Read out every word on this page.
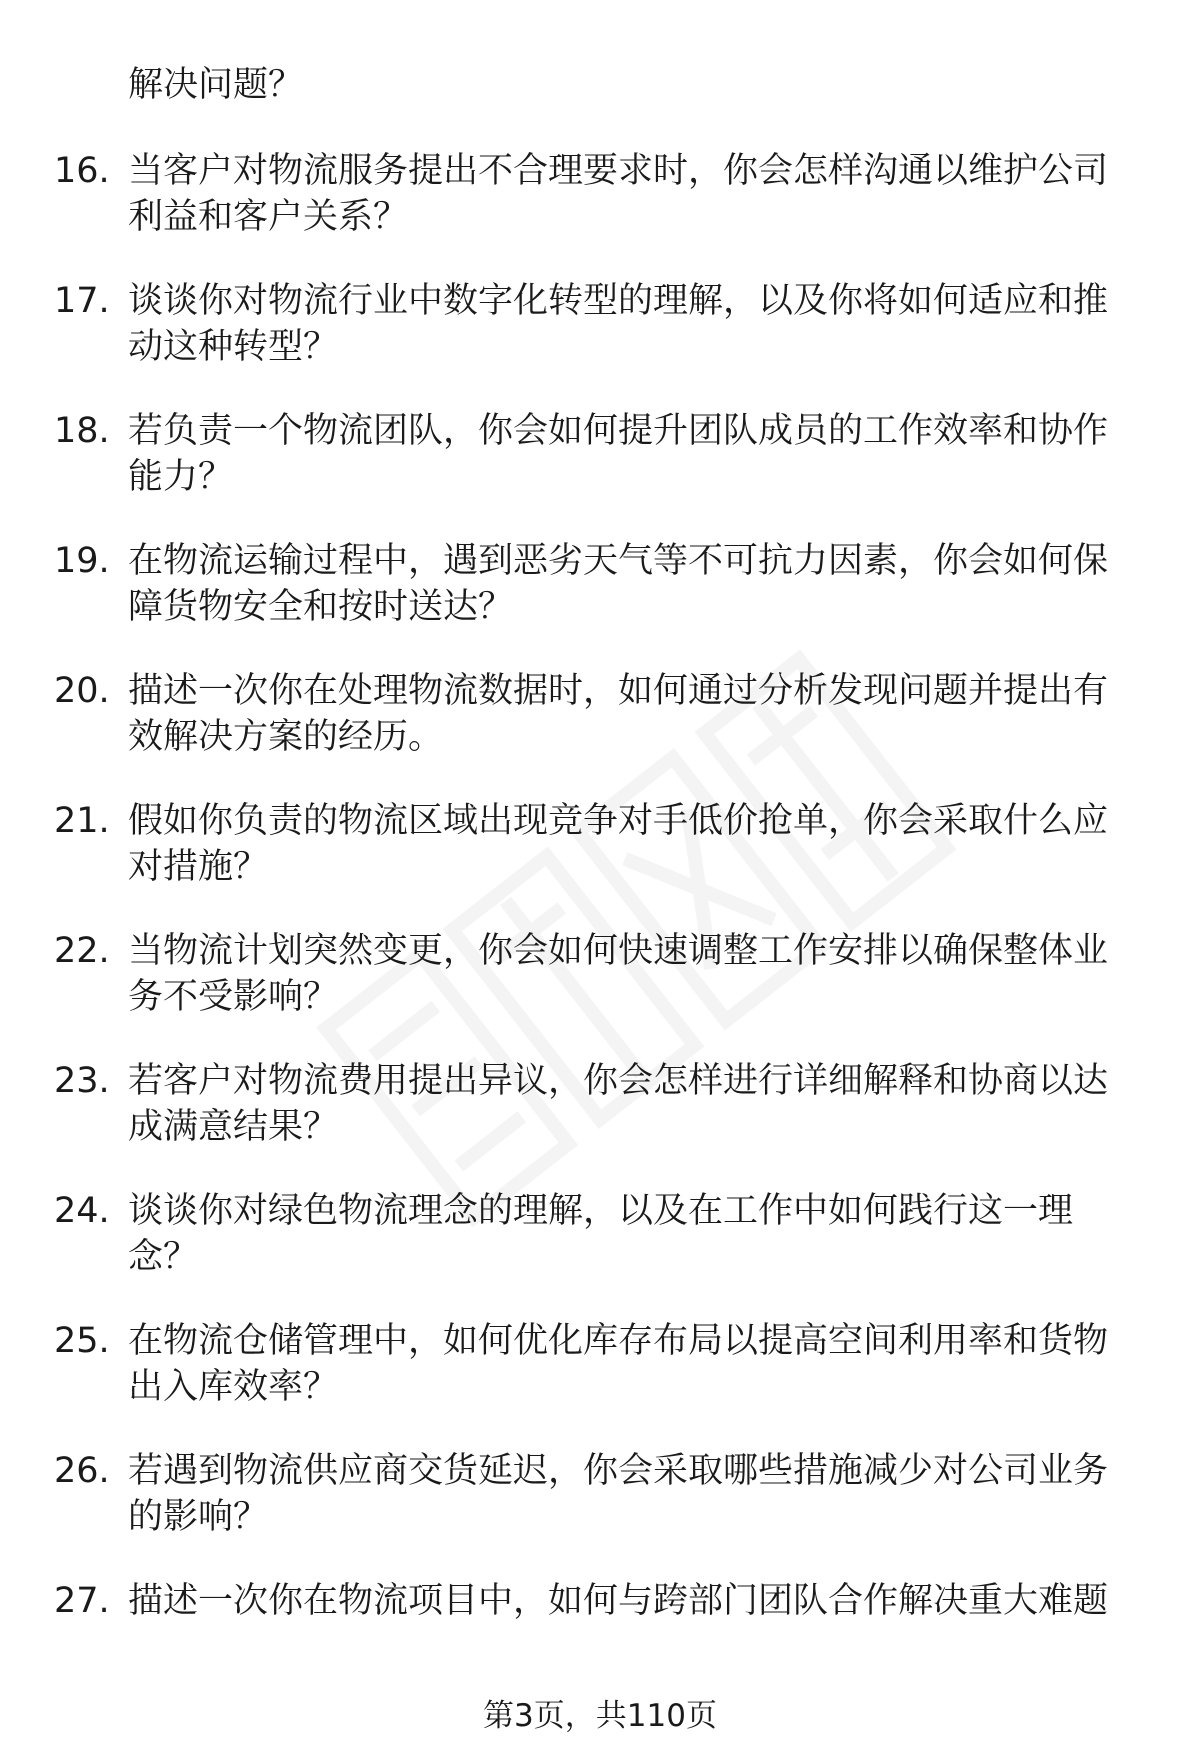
解决问题？

16. 当客户对物流服务提出不合理要求时，你会怎样沟通以维护公司利益和客户关系？
17. 谈谈你对物流行业中数字化转型的理解，以及你将如何适应和推动这种转型？
18. 若负责一个物流团队，你会如何提升团队成员的工作效率和协作能力？
19. 在物流运输过程中，遇到恶劣天气等不可抗力因素，你会如何保障货物安全和按时送达？
20. 描述一次你在处理物流数据时，如何通过分析发现问题并提出有效解决方案的经历。
21. 假如你负责的物流区域出现竞争对手低价抢单，你会采取什么应对措施？
22. 当物流计划突然变更，你会如何快速调整工作安排以确保整体业务不受影响？
23. 若客户对物流费用提出异议，你会怎样进行详细解释和协商以达成满意结果？
24. 谈谈你对绿色物流理念的理解，以及在工作中如何践行这一理念？
25. 在物流仓储管理中，如何优化库存布局以提高空间利用率和货物出入库效率？
26. 若遇到物流供应商交货延迟，你会采取哪些措施减少对公司业务的影响？
27. 描述一次你在物流项目中，如何与跨部门团队合作解决重大难题
第3页，共110页
